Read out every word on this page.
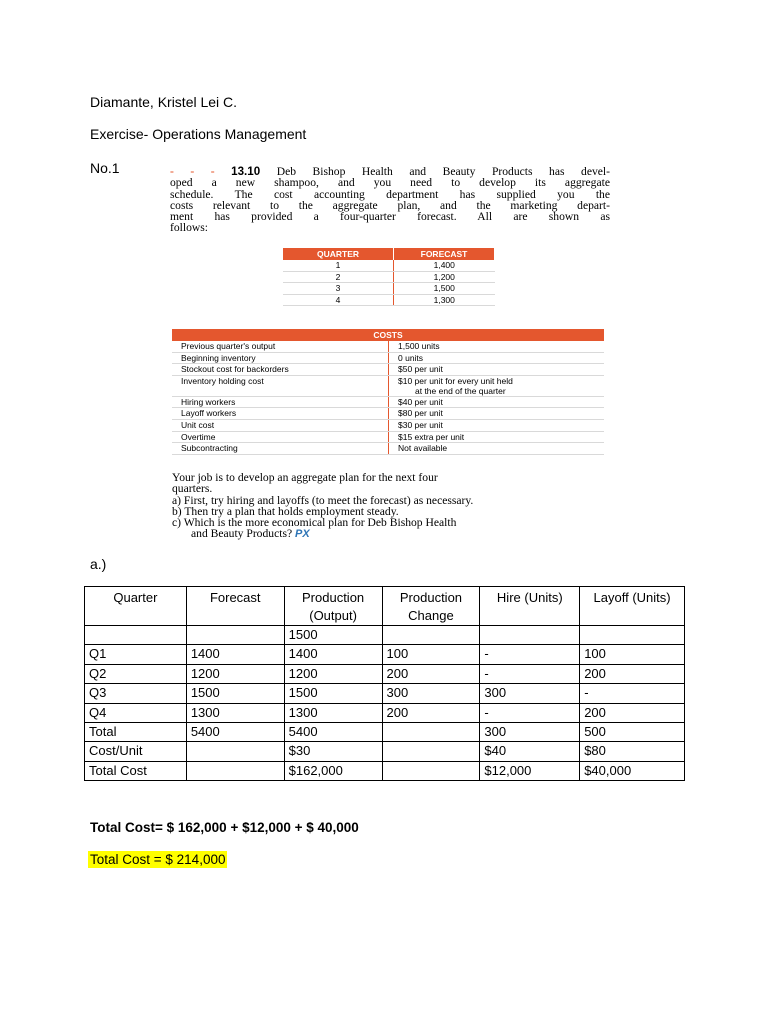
Diamante, Kristel Lei C.
Exercise- Operations Management
No.1	- - - 13.10 Deb Bishop Health and Beauty Products has devel-
oped a new shampoo, and you need to develop its aggregate
schedule. The cost accounting department has supplied you the
costs relevant to the aggregate plan, and the marketing depart-
ment has provided a four-quarter forecast. All are shown as
follows:
QUARTER	FORECAST
1	1,400
2	1,200
3	1,500
4	1,300
COSTS	
Previous quarter's output	1,500 units
Beginning inventory	0 units
Stockout cost for backorders	$50 per unit
Inventory holding cost	$10 per unit for every unit held
at the end of the quarter

Hiring workers	$40 per unit
Layoff workers	$80 per unit
Unit cost	$30 per unit
Overtime	$15 extra per unit
Subcontracting	Not available
Your job is to develop an aggregate plan for the next four
quarters.
a) First, try hiring and layoffs (to meet the forecast) as necessary.
b) Then try a plan that holds employment steady.
c) Which is the more economical plan for Deb Bishop Health
and Beauty Products? PX
a.)
Quarter	Forecast	Production (Output)	Production Change	Hire (Units)	Layoff (Units)
		1500			
Q1	1400	1400	100	-	100
Q2	1200	1200	200	-	200
Q3	1500	1500	300	300	-
Q4	1300	1300	200	-	200
Total	5400	5400		300	500
Cost/Unit		$30		$40	$80
Total Cost		$162,000		$12,000	$40,000
Total Cost= $ 162,000 + $12,000 + $ 40,000
Total Cost = $ 214,000
